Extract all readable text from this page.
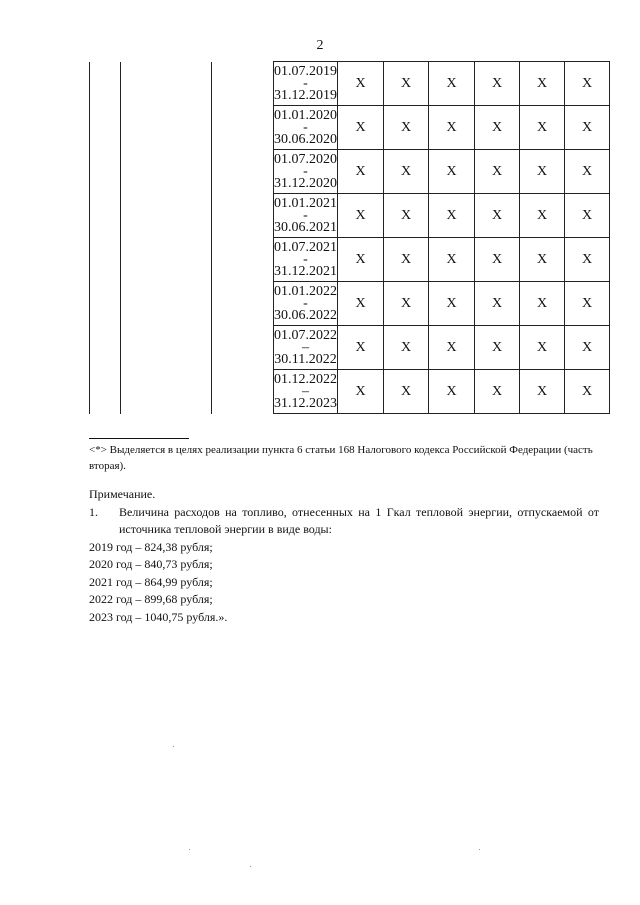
2

			01.07.2019
-
31.12.2019	X	X	X	X	X	X

			01.01.2020
-
30.06.2020	X	X	X	X	X	X

			01.07.2020
-
31.12.2020	X	X	X	X	X	X

			01.01.2021
-
30.06.2021	X	X	X	X	X	X

			01.07.2021
-
31.12.2021	X	X	X	X	X	X

			01.01.2022
-
30.06.2022	X	X	X	X	X	X

			01.07.2022
–
30.11.2022	X	X	X	X	X	X

			01.12.2022
–
31.12.2023	X	X	X	X	X	X
<*> Выделяется в целях реализации пункта 6 статьи 168 Налогового кодекса Российской Федерации (часть вторая).
Примечание.
1.	Величина расходов на топливо, отнесенных на 1 Гкал тепловой энергии, отпускаемой от источника тепловой энергии в виде воды:
2019 год – 824,38 рубля;
2020 год – 840,73 рубля;
2021 год – 864,99 рубля;
2022 год – 899,68 рубля;
2023 год – 1040,75 рубля.».
